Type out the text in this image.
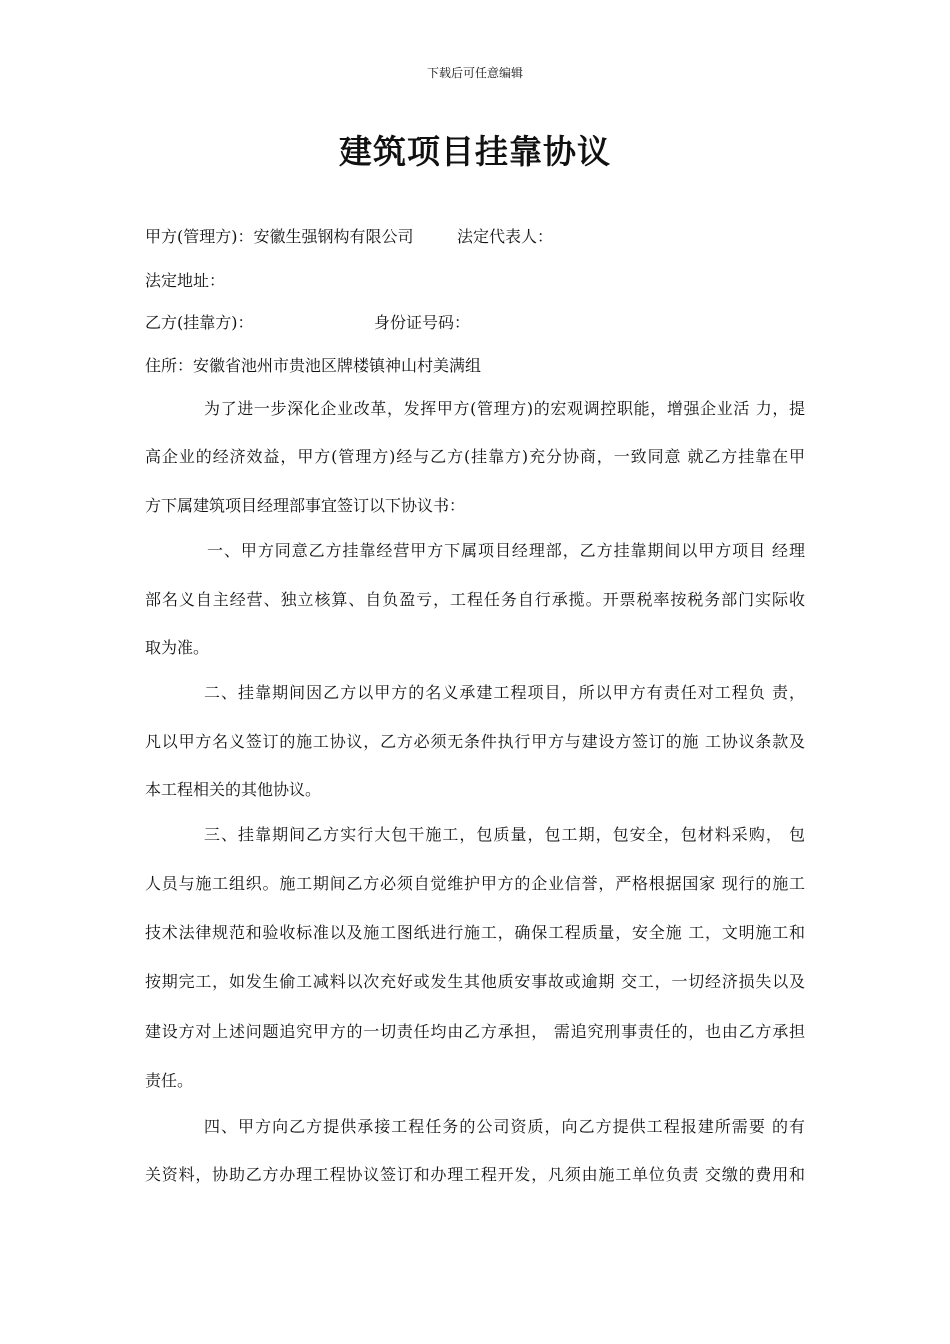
下载后可任意编辑
建筑项目挂靠协议
甲方(管理方)：安徽生强钢构有限公司	法定代表人：
法定地址：
乙方(挂靠方)：	身份证号码：
住所：安徽省池州市贵池区牌楼镇神山村美满组
为了进一步深化企业改革，发挥甲方(管理方)的宏观调控职能，增强企业活 力，提
高企业的经济效益，甲方(管理方)经与乙方(挂靠方)充分协商，一致同意 就乙方挂靠在甲
方下属建筑项目经理部事宜签订以下协议书：
一、甲方同意乙方挂靠经营甲方下属项目经理部，乙方挂靠期间以甲方项目 经理
部名义自主经营、独立核算、自负盈亏，工程任务自行承揽。开票税率按税务部门实际收
取为准。
二、挂靠期间因乙方以甲方的名义承建工程项目，所以甲方有责任对工程负 责，
凡以甲方名义签订的施工协议，乙方必须无条件执行甲方与建设方签订的施 工协议条款及
本工程相关的其他协议。
三、挂靠期间乙方实行大包干施工，包质量，包工期，包安全，包材料采购， 包
人员与施工组织。施工期间乙方必须自觉维护甲方的企业信誉，严格根据国家 现行的施工
技术法律规范和验收标准以及施工图纸进行施工，确保工程质量，安全施 工，文明施工和
按期完工，如发生偷工减料以次充好或发生其他质安事故或逾期 交工，一切经济损失以及
建设方对上述问题追究甲方的一切责任均由乙方承担， 需追究刑事责任的，也由乙方承担
责任。
四、甲方向乙方提供承接工程任务的公司资质，向乙方提供工程报建所需要 的有
关资料，协助乙方办理工程协议签订和办理工程开发，凡须由施工单位负责 交缴的费用和
